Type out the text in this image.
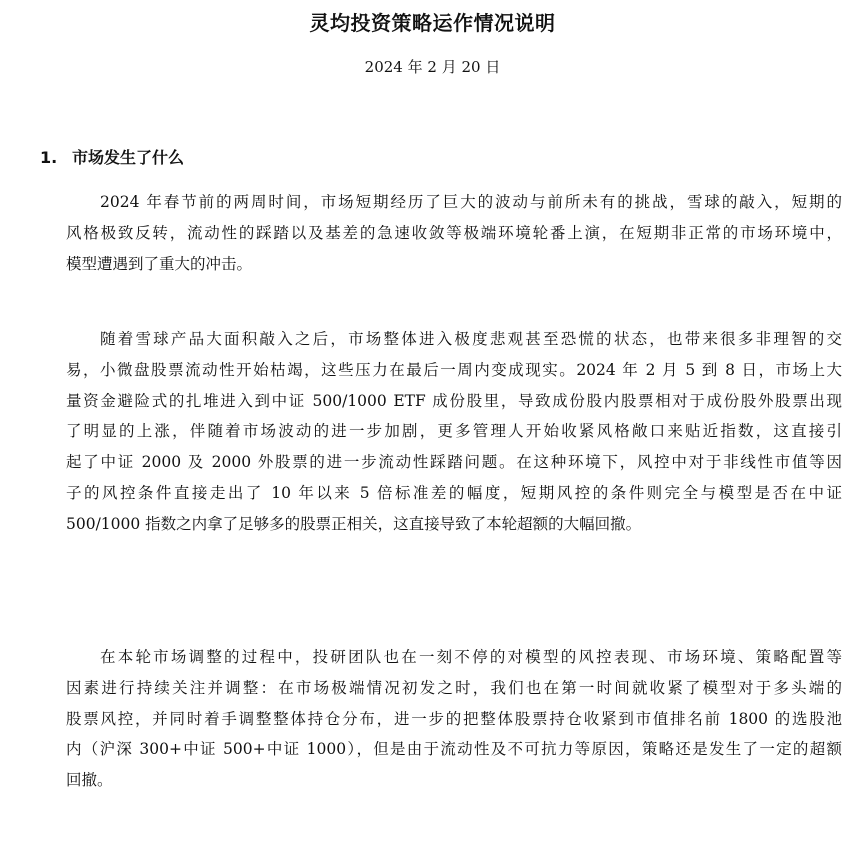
灵均投资策略运作情况说明
2024 年 2 月 20 日
1. 市场发生了什么
2024 年春节前的两周时间，市场短期经历了巨大的波动与前所未有的挑战，雪球的敲入，短期的
风格极致反转，流动性的踩踏以及基差的急速收敛等极端环境轮番上演，在短期非正常的市场环境中，
模型遭遇到了重大的冲击。
随着雪球产品大面积敲入之后，市场整体进入极度悲观甚至恐慌的状态，也带来很多非理智的交
易，小微盘股票流动性开始枯竭，这些压力在最后一周内变成现实。2024 年 2 月 5 到 8 日，市场上大
量资金避险式的扎堆进入到中证 500/1000 ETF 成份股里，导致成份股内股票相对于成份股外股票出现
了明显的上涨，伴随着市场波动的进一步加剧，更多管理人开始收紧风格敞口来贴近指数，这直接引
起了中证 2000 及 2000 外股票的进一步流动性踩踏问题。在这种环境下，风控中对于非线性市值等因
子的风控条件直接走出了 10 年以来 5 倍标准差的幅度，短期风控的条件则完全与模型是否在中证
500/1000 指数之内拿了足够多的股票正相关，这直接导致了本轮超额的大幅回撤。
在本轮市场调整的过程中，投研团队也在一刻不停的对模型的风控表现、市场环境、策略配置等
因素进行持续关注并调整：在市场极端情况初发之时，我们也在第一时间就收紧了模型对于多头端的
股票风控，并同时着手调整整体持仓分布，进一步的把整体股票持仓收紧到市值排名前 1800 的选股池
内（沪深 300+中证 500+中证 1000），但是由于流动性及不可抗力等原因，策略还是发生了一定的超额
回撤。
